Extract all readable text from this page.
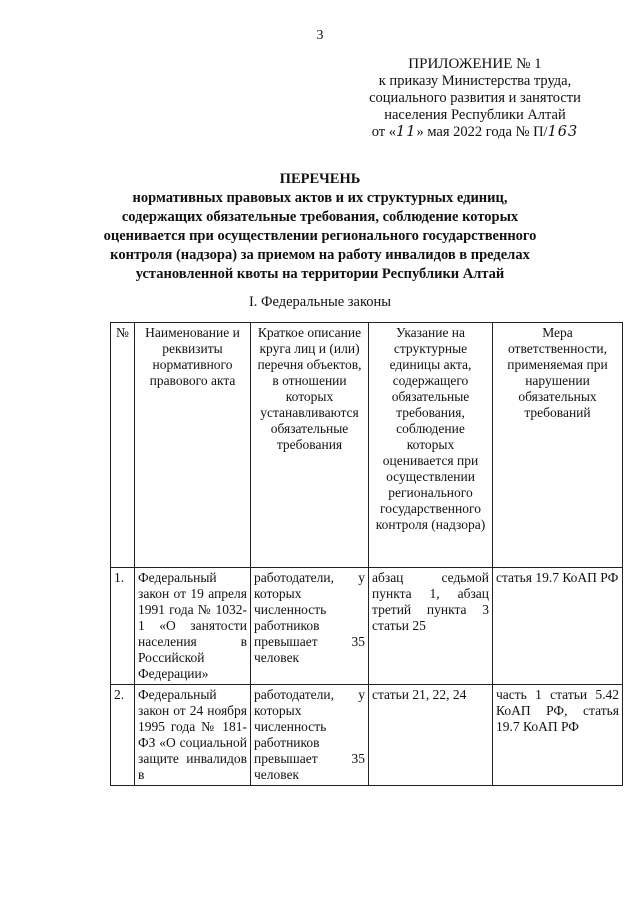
3
ПРИЛОЖЕНИЕ № 1
к приказу Министерства труда,
социального развития и занятости
населения Республики Алтай
от «11» мая 2022 года № П/163
ПЕРЕЧЕНЬ
нормативных правовых актов и их структурных единиц, содержащих обязательные требования, соблюдение которых оценивается при осуществлении регионального государственного контроля (надзора) за приемом на работу инвалидов в пределах установленной квоты на территории Республики Алтай
I. Федеральные законы
№	Наименование и реквизиты нормативного правового акта	Краткое описание круга лиц и (или) перечня объектов, в отношении которых устанавливаются обязательные требования	Указание на структурные единицы акта, содержащего обязательные требования, соблюдение которых оценивается при осуществлении регионального государственного контроля (надзора)	Мера ответственности, применяемая при нарушении обязательных требований
1.	Федеральный закон от 19 апреля 1991 года № 1032-1 «О занятости населения в Российской Федерации»	работодатели, у которых численность работников превышает 35 человек	абзац седьмой пункта 1, абзац третий пункта 3 статьи 25	статья 19.7 КоАП РФ
2.	Федеральный закон от 24 ноября 1995 года № 181-ФЗ «О социальной защите инвалидов в	работодатели, у которых численность работников превышает 35 человек	статьи 21, 22, 24	часть 1 статьи 5.42 КоАП РФ, статья 19.7 КоАП РФ
